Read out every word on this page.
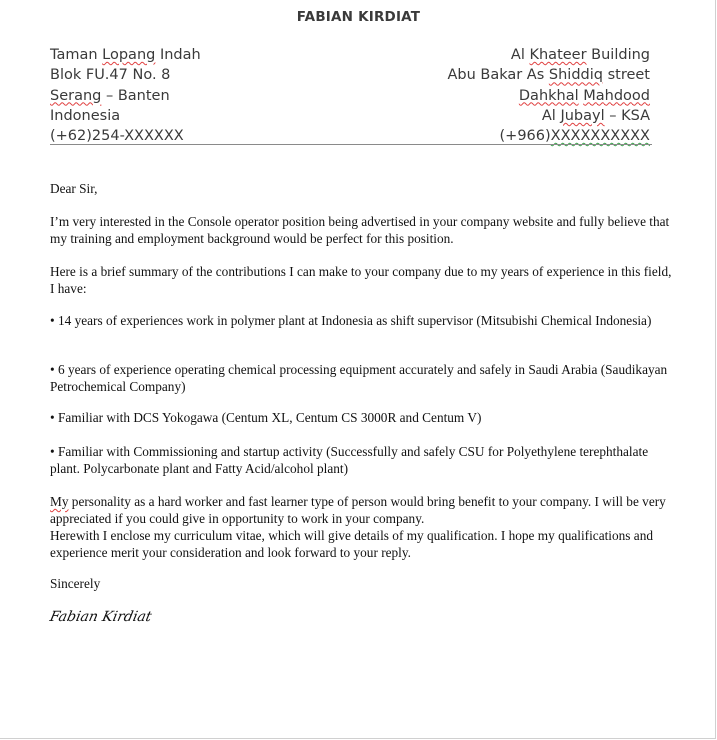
FABIAN KIRDIAT
Taman Lopang Indah
Blok FU.47 No. 8
Serang – Banten
Indonesia
(+62)254-XXXXXX
Al Khateer Building
Abu Bakar As Shiddiq street
Dahkhal Mahdood
Al Jubayl – KSA
(+966)XXXXXXXXXX

Dear Sir,

I’m very interested in the Console operator position being advertised in your company website and fully believe that my training and employment background would be perfect for this position.

Here is a brief summary of the contributions I can make to your company due to my years of experience in this field, I have:

• 14 years of experiences work in polymer plant at Indonesia as shift supervisor (Mitsubishi Chemical Indonesia)

• 6 years of experience operating chemical processing equipment accurately and safely in Saudi Arabia (Saudikayan Petrochemical Company)

• Familiar with DCS Yokogawa (Centum XL, Centum CS 3000R and Centum V)

• Familiar with Commissioning and startup activity (Successfully and safely CSU for Polyethylene terephthalate plant. Polycarbonate plant and Fatty Acid/alcohol plant)

My personality as a hard worker and fast learner type of person would bring benefit to your company. I will be very appreciated if you could give in opportunity to work in your company.

Herewith I enclose my curriculum vitae, which will give details of my qualification. I hope my qualifications and experience merit your consideration and look forward to your reply.

Sincerely

Fabian Kirdiat
